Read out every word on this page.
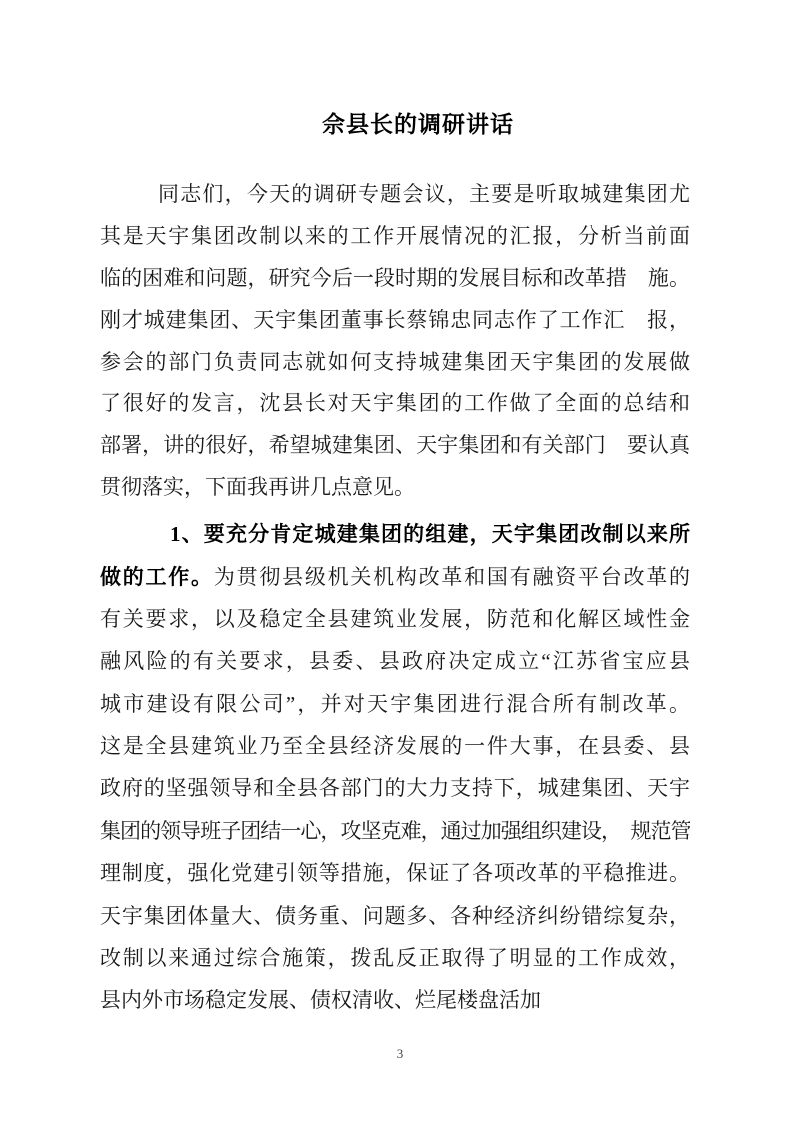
佘县长的调研讲话
同志们，今天的调研专题会议，主要是听取城建集团尤
其是天宇集团改制以来的工作开展情况的汇报，分析当前面
临的困难和问题，研究今后一段时期的发展目标和改革措　施。
刚才城建集团、天宇集团董事长蔡锦忠同志作了工作汇　报，
参会的部门负责同志就如何支持城建集团天宇集团的发展做
了很好的发言，沈县长对天宇集团的工作做了全面的总结和
部署，讲的很好，希望城建集团、天宇集团和有关部门　要认真
贯彻落实，下面我再讲几点意见。
1、要充分肯定城建集团的组建，天宇集团改制以来所
做的工作。为贯彻县级机关机构改革和国有融资平台改革的
有关要求，以及稳定全县建筑业发展，防范和化解区域性金
融风险的有关要求，县委、县政府决定成立“江苏省宝应县
城市建设有限公司”，并对天宇集团进行混合所有制改革。
这是全县建筑业乃至全县经济发展的一件大事，在县委、县
政府的坚强领导和全县各部门的大力支持下，城建集团、天宇
集团的领导班子团结一心，攻坚克难，通过加强组织建设，　规范管
理制度，强化党建引领等措施，保证了各项改革的平稳推进。
天宇集团体量大、债务重、问题多、各种经济纠纷错综复杂，
改制以来通过综合施策，拨乱反正取得了明显的工作成效，
县内外市场稳定发展、债权清收、烂尾楼盘活加
3
